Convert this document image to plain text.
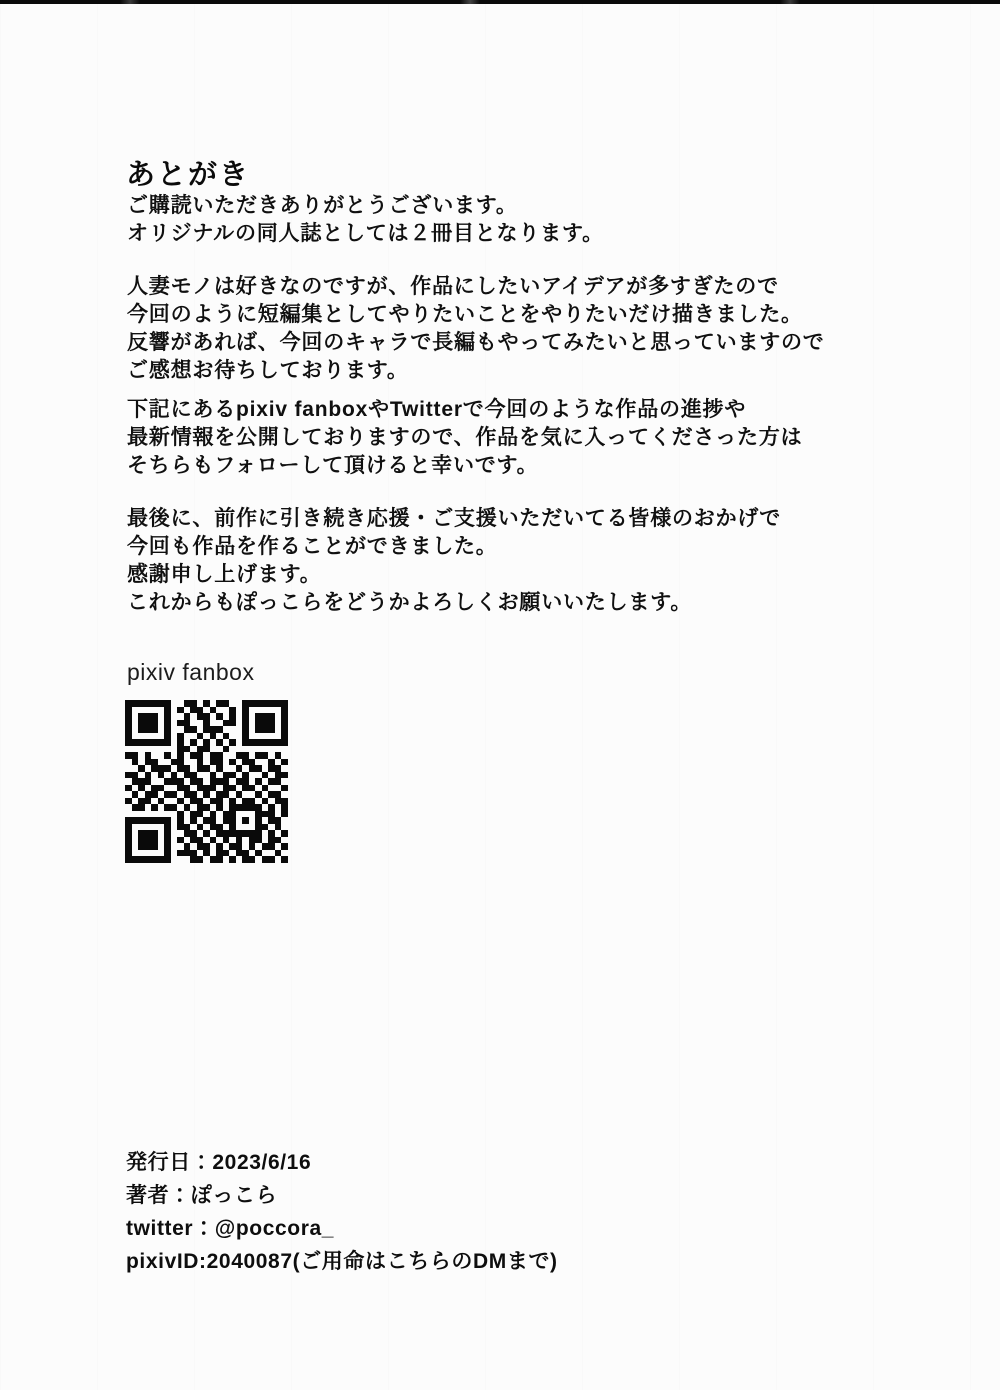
あとがき
ご購読いただきありがとうございます。
オリジナルの同人誌としては２冊目となります。
人妻モノは好きなのですが、作品にしたいアイデアが多すぎたので
今回のように短編集としてやりたいことをやりたいだけ描きました。
反響があれば、今回のキャラで長編もやってみたいと思っていますので
ご感想お待ちしております。
下記にあるpixiv fanboxやTwitterで今回のような作品の進捗や
最新情報を公開しておりますので、作品を気に入ってくださった方は
そちらもフォローして頂けると幸いです。
最後に、前作に引き続き応援・ご支援いただいてる皆様のおかげで
今回も作品を作ることができました。
感謝申し上げます。
これからもぽっこらをどうかよろしくお願いいたします。
pixiv fanbox
発行日：2023/6/16
著者：ぽっこら
twitter：@poccora_
pixivID:2040087(ご用命はこちらのDMまで)
